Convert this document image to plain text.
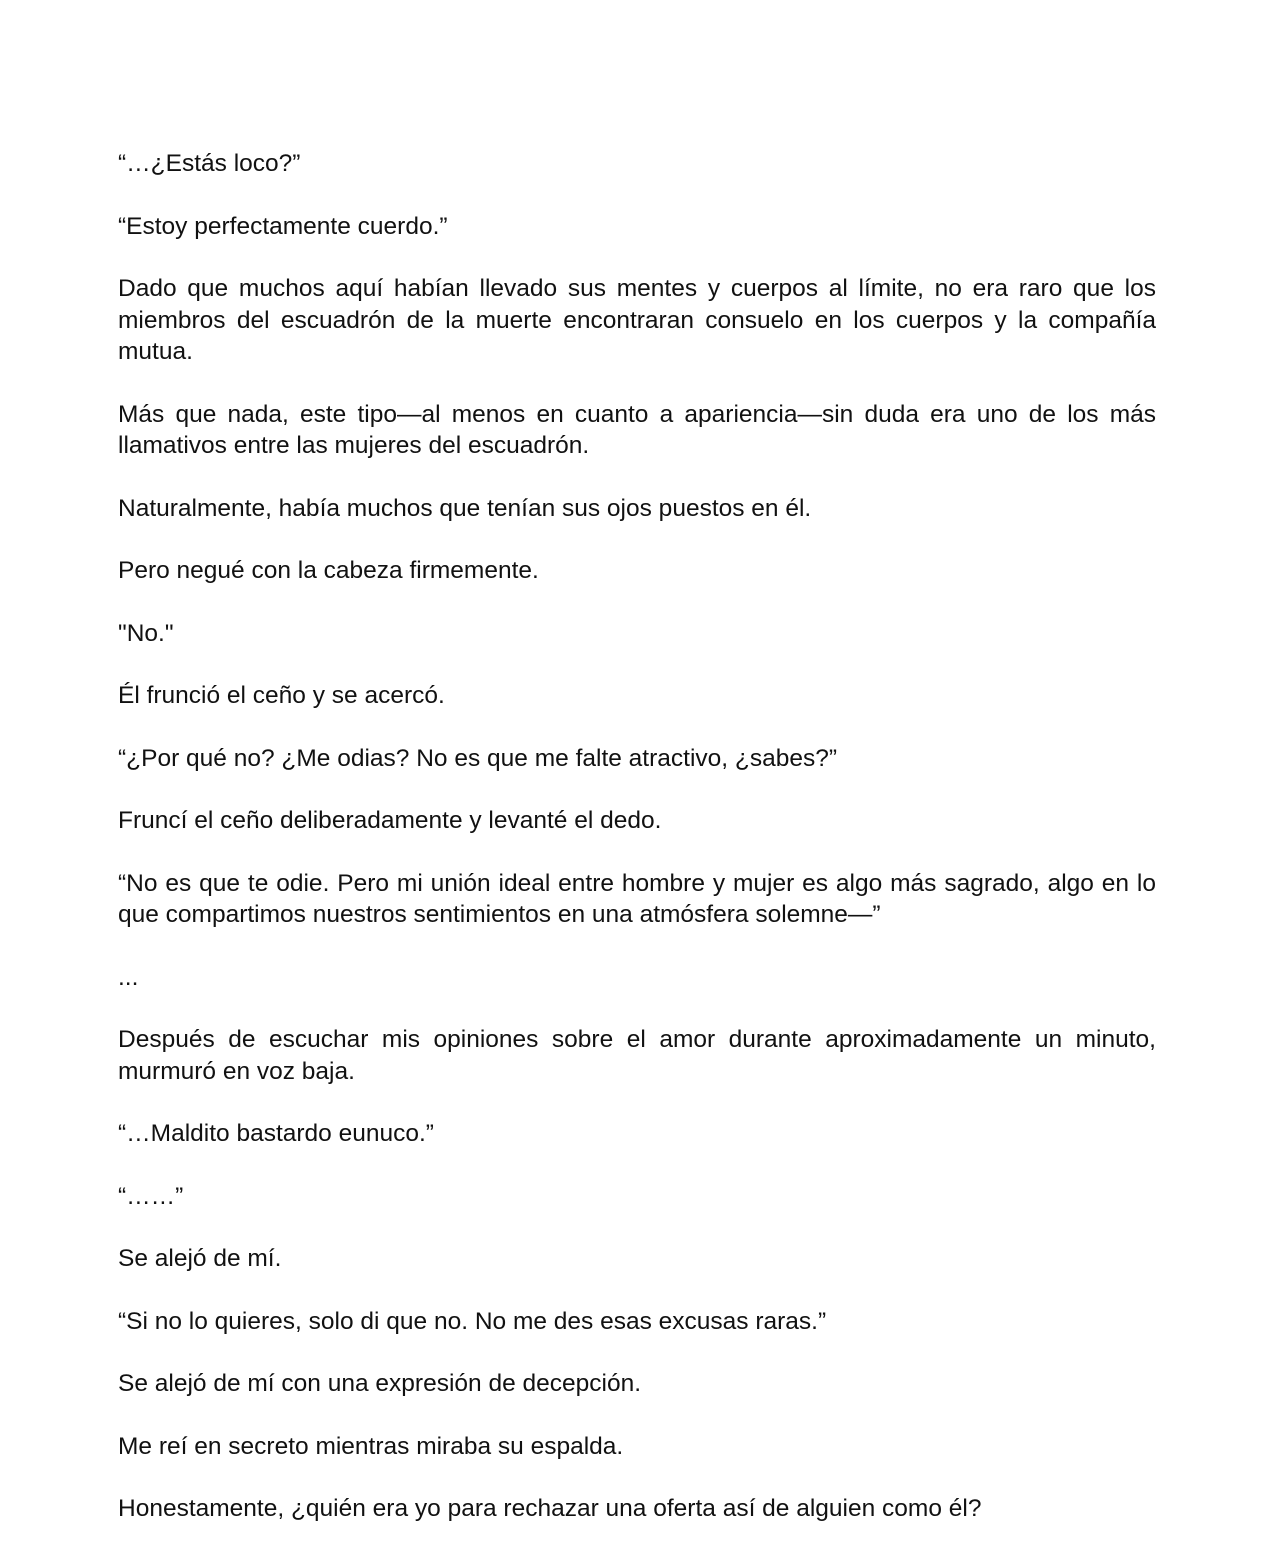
“…¿Estás loco?”

“Estoy perfectamente cuerdo.”

Dado que muchos aquí habían llevado sus mentes y cuerpos al límite, no era raro que los miembros del escuadrón de la muerte encontraran consuelo en los cuerpos y la compañía mutua.

Más que nada, este tipo—al menos en cuanto a apariencia—sin duda era uno de los más llamativos entre las mujeres del escuadrón.

Naturalmente, había muchos que tenían sus ojos puestos en él.

Pero negué con la cabeza firmemente.

"No."

Él frunció el ceño y se acercó.

“¿Por qué no? ¿Me odias? No es que me falte atractivo, ¿sabes?”

Fruncí el ceño deliberadamente y levanté el dedo.

“No es que te odie. Pero mi unión ideal entre hombre y mujer es algo más sagrado, algo en lo que compartimos nuestros sentimientos en una atmósfera solemne—”

...

Después de escuchar mis opiniones sobre el amor durante aproximadamente un minuto, murmuró en voz baja.

“…Maldito bastardo eunuco.”

“……”

Se alejó de mí.

“Si no lo quieres, solo di que no. No me des esas excusas raras.”

Se alejó de mí con una expresión de decepción.

Me reí en secreto mientras miraba su espalda.

Honestamente, ¿quién era yo para rechazar una oferta así de alguien como él?
